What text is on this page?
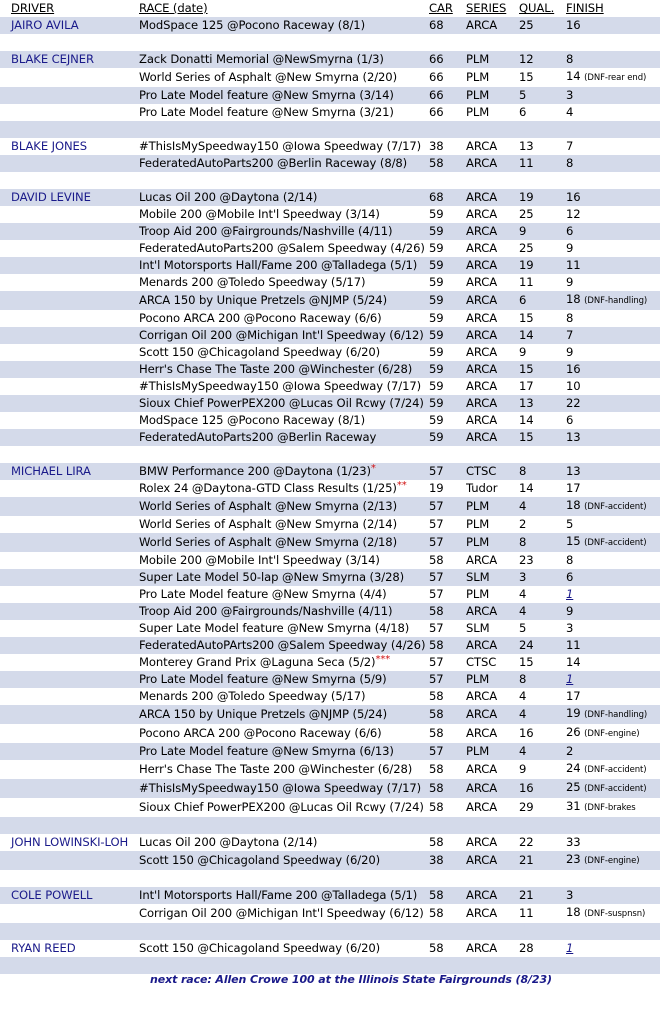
DRIVER	RACE (date)	CAR	SERIES	QUAL.	FINISH
JAIRO AVILA	ModSpace 125 @Pocono Raceway (8/1)	68	ARCA	25	16

BLAKE CEJNER	Zack Donatti Memorial @NewSmyrna (1/3)	66	PLM	12	8
	World Series of Asphalt @New Smyrna (2/20)	66	PLM	15	14 (DNF-rear end)
	Pro Late Model feature @New Smyrna (3/14)	66	PLM	5	3
	Pro Late Model feature @New Smyrna (3/21)	66	PLM	6	4

BLAKE JONES	#ThisIsMySpeedway150 @Iowa Speedway (7/17)	38	ARCA	13	7
	FederatedAutoParts200 @Berlin Raceway (8/8)	58	ARCA	11	8

DAVID LEVINE	Lucas Oil 200 @Daytona (2/14)	68	ARCA	19	16
	Mobile 200 @Mobile Int'l Speedway (3/14)	59	ARCA	25	12
	Troop Aid 200 @Fairgrounds/Nashville (4/11)	59	ARCA	9	6
	FederatedAutoParts200 @Salem Speedway (4/26)	59	ARCA	25	9
	Int'l Motorsports Hall/Fame 200 @Talladega (5/1)	59	ARCA	19	11
	Menards 200 @Toledo Speedway (5/17)	59	ARCA	11	9
	ARCA 150 by Unique Pretzels @NJMP (5/24)	59	ARCA	6	18 (DNF-handling)
	Pocono ARCA 200 @Pocono Raceway (6/6)	59	ARCA	15	8
	Corrigan Oil 200 @Michigan Int'l Speedway (6/12)	59	ARCA	14	7
	Scott 150 @Chicagoland Speedway (6/20)	59	ARCA	9	9
	Herr's Chase The Taste 200 @Winchester (6/28)	59	ARCA	15	16
	#ThisIsMySpeedway150 @Iowa Speedway (7/17)	59	ARCA	17	10
	Sioux Chief PowerPEX200 @Lucas Oil Rcwy (7/24)	59	ARCA	13	22
	ModSpace 125 @Pocono Raceway (8/1)	59	ARCA	14	6
	FederatedAutoParts200 @Berlin Raceway	59	ARCA	15	13

MICHAEL LIRA	BMW Performance 200 @Daytona (1/23)*	57	CTSC	8	13
	Rolex 24 @Daytona-GTD Class Results (1/25)**	19	Tudor	14	17
	World Series of Asphalt @New Smyrna (2/13)	57	PLM	4	18 (DNF-accident)
	World Series of Asphalt @New Smyrna (2/14)	57	PLM	2	5
	World Series of Asphalt @New Smyrna (2/18)	57	PLM	8	15 (DNF-accident)
	Mobile 200 @Mobile Int'l Speedway (3/14)	58	ARCA	23	8
	Super Late Model 50-lap @New Smyrna (3/28)	57	SLM	3	6
	Pro Late Model feature @New Smyrna (4/4)	57	PLM	4	1
	Troop Aid 200 @Fairgrounds/Nashville (4/11)	58	ARCA	4	9
	Super Late Model feature @New Smyrna (4/18)	57	SLM	5	3
	FederatedAutoPArts200 @Salem Speedway (4/26)	58	ARCA	24	11
	Monterey Grand Prix @Laguna Seca (5/2)***	57	CTSC	15	14
	Pro Late Model feature @New Smyrna (5/9)	57	PLM	8	1
	Menards 200 @Toledo Speedway (5/17)	58	ARCA	4	17
	ARCA 150 by Unique Pretzels @NJMP (5/24)	58	ARCA	4	19 (DNF-handling)
	Pocono ARCA 200 @Pocono Raceway (6/6)	58	ARCA	16	26 (DNF-engine)
	Pro Late Model feature @New Smyrna (6/13)	57	PLM	4	2
	Herr's Chase The Taste 200 @Winchester (6/28)	58	ARCA	9	24 (DNF-accident)
	#ThisIsMySpeedway150 @Iowa Speedway (7/17)	58	ARCA	16	25 (DNF-accident)
	Sioux Chief PowerPEX200 @Lucas Oil Rcwy (7/24)	58	ARCA	29	31 (DNF-brakes

JOHN LOWINSKI-LOH	Lucas Oil 200 @Daytona (2/14)	58	ARCA	22	33
	Scott 150 @Chicagoland Speedway (6/20)	38	ARCA	21	23 (DNF-engine)

COLE POWELL	Int'l Motorsports Hall/Fame 200 @Talladega (5/1)	58	ARCA	21	3
	Corrigan Oil 200 @Michigan Int'l Speedway (6/12)	58	ARCA	11	18 (DNF-suspnsn)

RYAN REED	Scott 150 @Chicagoland Speedway (6/20)	58	ARCA	28	1

next race: Allen Crowe 100 at the Illinois State Fairgrounds (8/23)
